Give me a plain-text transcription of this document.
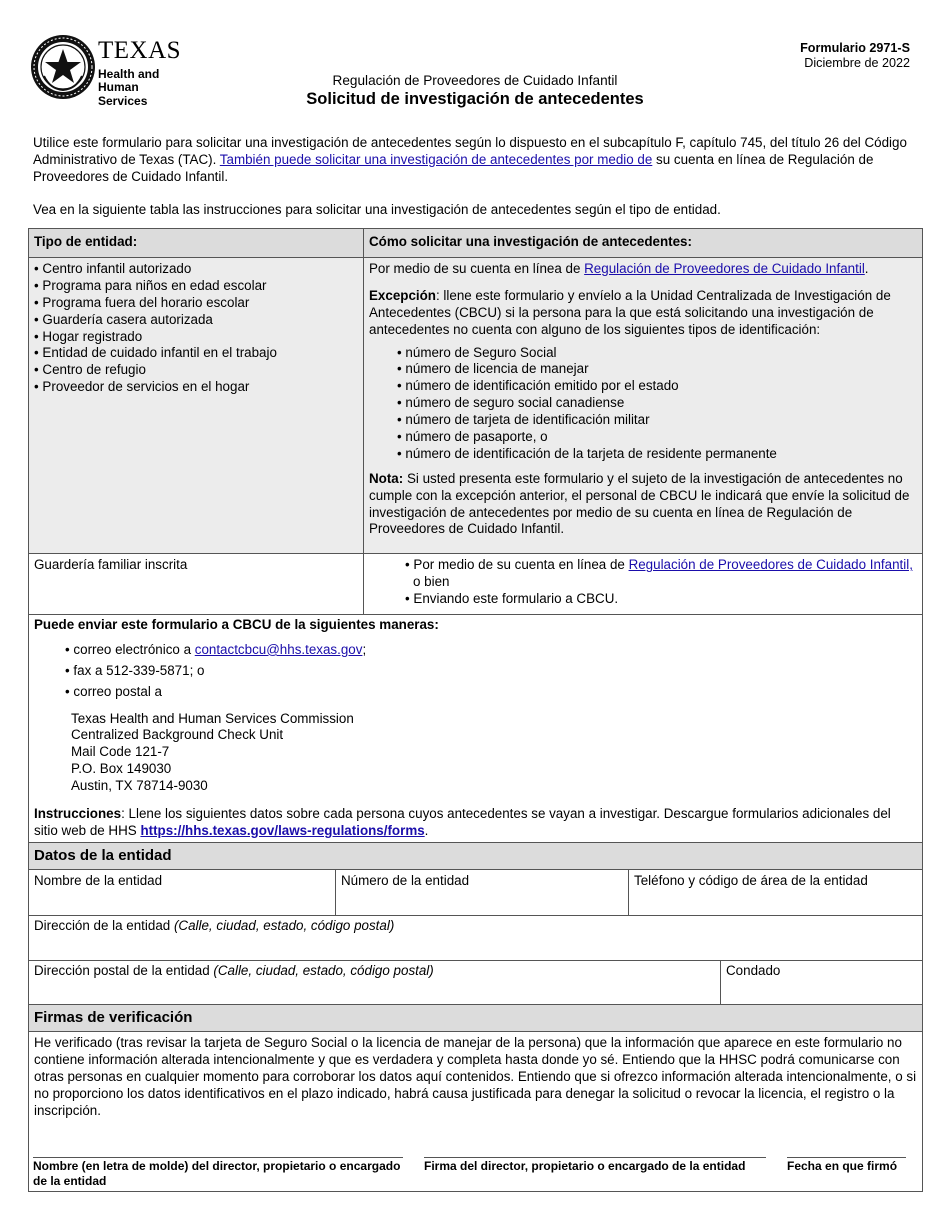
TEXAS
Health and Human
Services
Formulario 2971-S
Diciembre de 2022
Regulación de Proveedores de Cuidado Infantil
Solicitud de investigación de antecedentes
Utilice este formulario para solicitar una investigación de antecedentes según lo dispuesto en el subcapítulo F, capítulo 745, del título 26 del Código Administrativo de Texas (TAC). También puede solicitar una investigación de antecedentes por medio de su cuenta en línea de Regulación de Proveedores de Cuidado Infantil.
Vea en la siguiente tabla las instrucciones para solicitar una investigación de antecedentes según el tipo de entidad.
Tipo de entidad:	Cómo solicitar una investigación de antecedentes:
• Centro infantil autorizado
• Programa para niños en edad escolar
• Programa fuera del horario escolar
• Guardería casera autorizada
• Hogar registrado
• Entidad de cuidado infantil en el trabajo
• Centro de refugio
• Proveedor de servicios en el hogar
Por medio de su cuenta en línea de Regulación de Proveedores de Cuidado Infantil.
Excepción: llene este formulario y envíelo a la Unidad Centralizada de Investigación de Antecedentes (CBCU) si la persona para la que está solicitando una investigación de antecedentes no cuenta con alguno de los siguientes tipos de identificación:
• número de Seguro Social
• número de licencia de manejar
• número de identificación emitido por el estado
• número de seguro social canadiense
• número de tarjeta de identificación militar
• número de pasaporte, o
• número de identificación de la tarjeta de residente permanente
Nota: Si usted presenta este formulario y el sujeto de la investigación de antecedentes no cumple con la excepción anterior, el personal de CBCU le indicará que envíe la solicitud de investigación de antecedentes por medio de su cuenta en línea de Regulación de Proveedores de Cuidado Infantil.
Guardería familiar inscrita
•	Por medio de su cuenta en línea de Regulación de Proveedores de Cuidado Infantil, o bien
• Enviando este formulario a CBCU.
Puede enviar este formulario a CBCU de la siguientes maneras:
• correo electrónico a contactcbcu@hhs.texas.gov;
• fax a 512-339-5871; o
• correo postal a
Texas Health and Human Services Commission
Centralized Background Check Unit
Mail Code 121-7
P.O. Box 149030
Austin, TX 78714-9030
Instrucciones: Llene los siguientes datos sobre cada persona cuyos antecedentes se vayan a investigar. Descargue formularios adicionales del sitio web de HHS https://hhs.texas.gov/laws-regulations/forms.
Datos de la entidad
Nombre de la entidad	Número de la entidad	Teléfono y código de área de la entidad
Dirección de la entidad (Calle, ciudad, estado, código postal)
Dirección postal de la entidad (Calle, ciudad, estado, código postal)	Condado
Firmas de verificación
He verificado (tras revisar la tarjeta de Seguro Social o la licencia de manejar de la persona) que la información que aparece en este formulario no contiene información alterada intencionalmente y que es verdadera y completa hasta donde yo sé. Entiendo que la HHSC podrá comunicarse con otras personas en cualquier momento para corroborar los datos aquí contenidos. Entiendo que si ofrezco información alterada intencionalmente, o si no proporciono los datos identificativos en el plazo indicado, habrá causa justificada para denegar la solicitud o revocar la licencia, el registro o la inscripción.
Nombre (en letra de molde) del director, propietario o encargado de la entidad
Firma del director, propietario o encargado de la entidad	Fecha en que firmó
